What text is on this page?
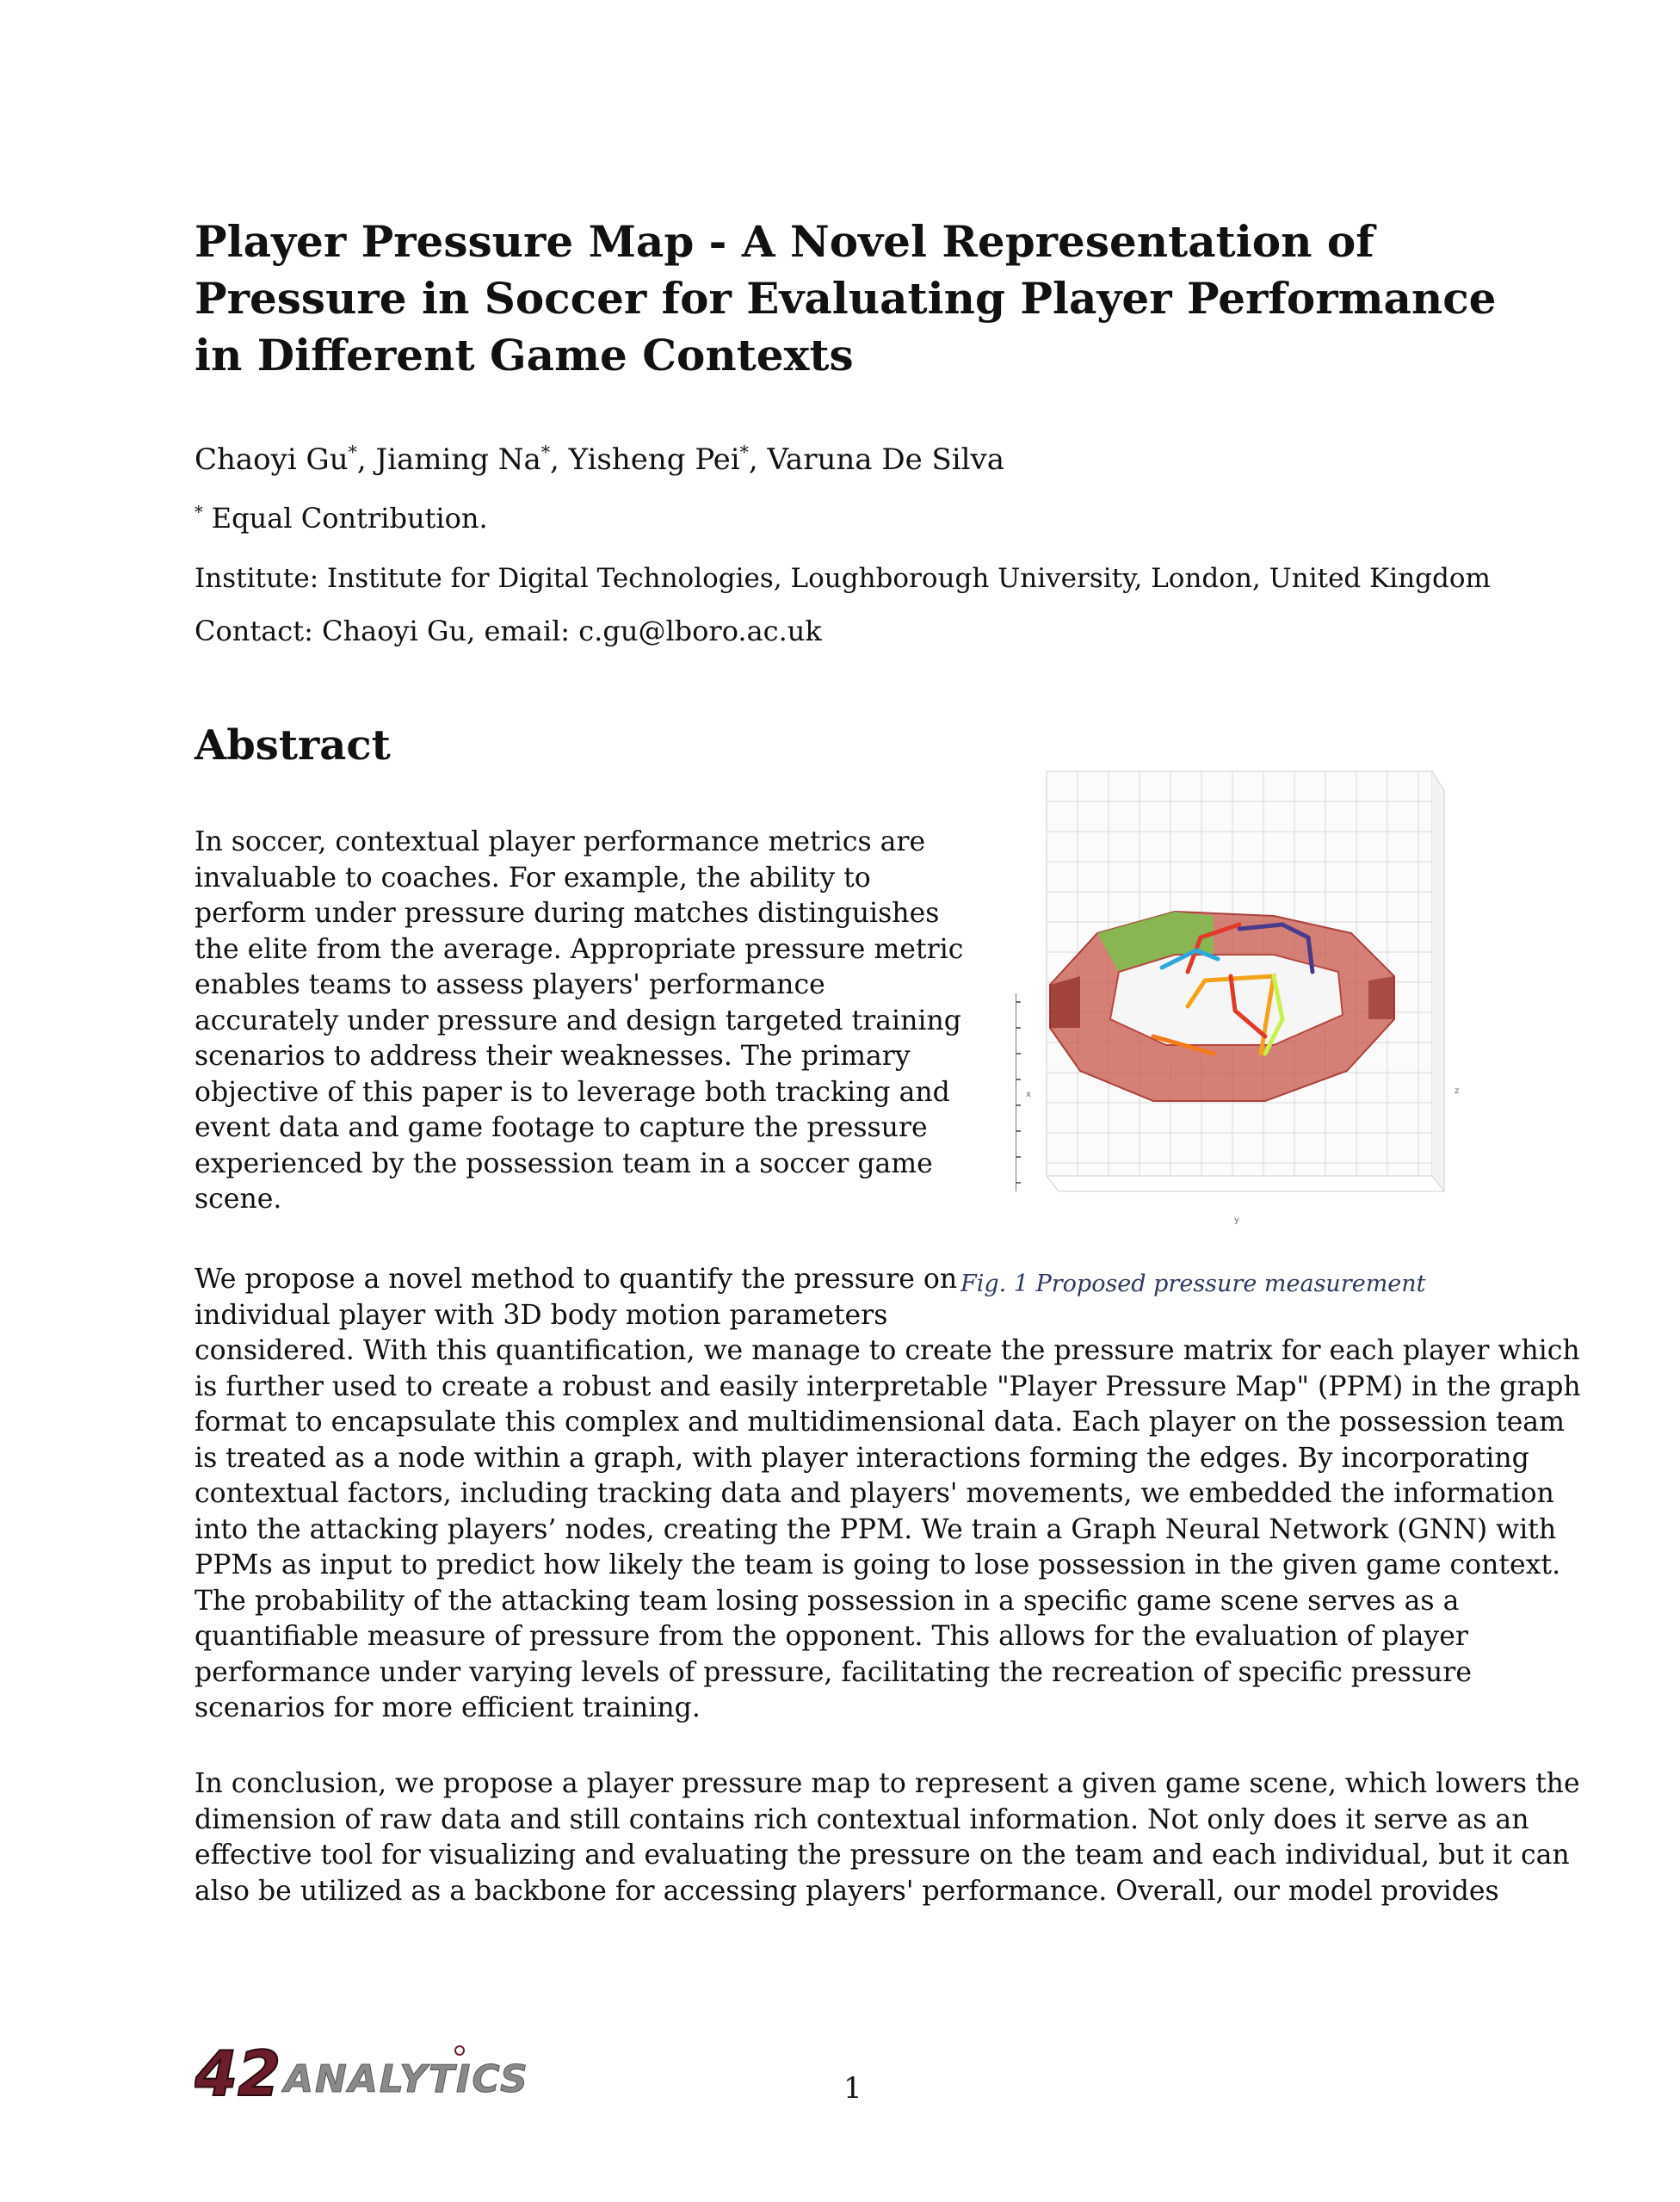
Player Pressure Map - A Novel Representation of Pressure in Soccer for Evaluating Player Performance in Different Game Contexts

Chaoyi Gu*, Jiaming Na*, Yisheng Pei*, Varuna De Silva

* Equal Contribution.

Institute: Institute for Digital Technologies, Loughborough University, London, United Kingdom

Contact: Chaoyi Gu, email: c.gu@lboro.ac.uk

Abstract
In soccer, contextual player performance metrics are
invaluable to coaches. For example, the ability to
perform under pressure during matches distinguishes
the elite from the average. Appropriate pressure metric
enables teams to assess players' performance
accurately under pressure and design targeted training
scenarios to address their weaknesses. The primary
objective of this paper is to leverage both tracking and
event data and game footage to capture the pressure
experienced by the possession team in a soccer game
scene.
We propose a novel method to quantify the pressure on
individual player with 3D body motion parameters
considered. With this quantification, we manage to create the pressure matrix for each player which
is further used to create a robust and easily interpretable "Player Pressure Map" (PPM) in the graph
format to encapsulate this complex and multidimensional data. Each player on the possession team
is treated as a node within a graph, with player interactions forming the edges. By incorporating
contextual factors, including tracking data and players' movements, we embedded the information
into the attacking players’ nodes, creating the PPM. We train a Graph Neural Network (GNN) with
PPMs as input to predict how likely the team is going to lose possession in the given game context.
The probability of the attacking team losing possession in a specific game scene serves as a
quantifiable measure of pressure from the opponent. This allows for the evaluation of player
performance under varying levels of pressure, facilitating the recreation of specific pressure
scenarios for more efficient training.
In conclusion, we propose a player pressure map to represent a given game scene, which lowers the
dimension of raw data and still contains rich contextual information. Not only does it serve as an
effective tool for visualizing and evaluating the pressure on the team and each individual, but it can
also be utilized as a backbone for accessing players' performance. Overall, our model provides
x	z
y
Fig. 1 Proposed pressure measurement
42 ANALYTICS	1
